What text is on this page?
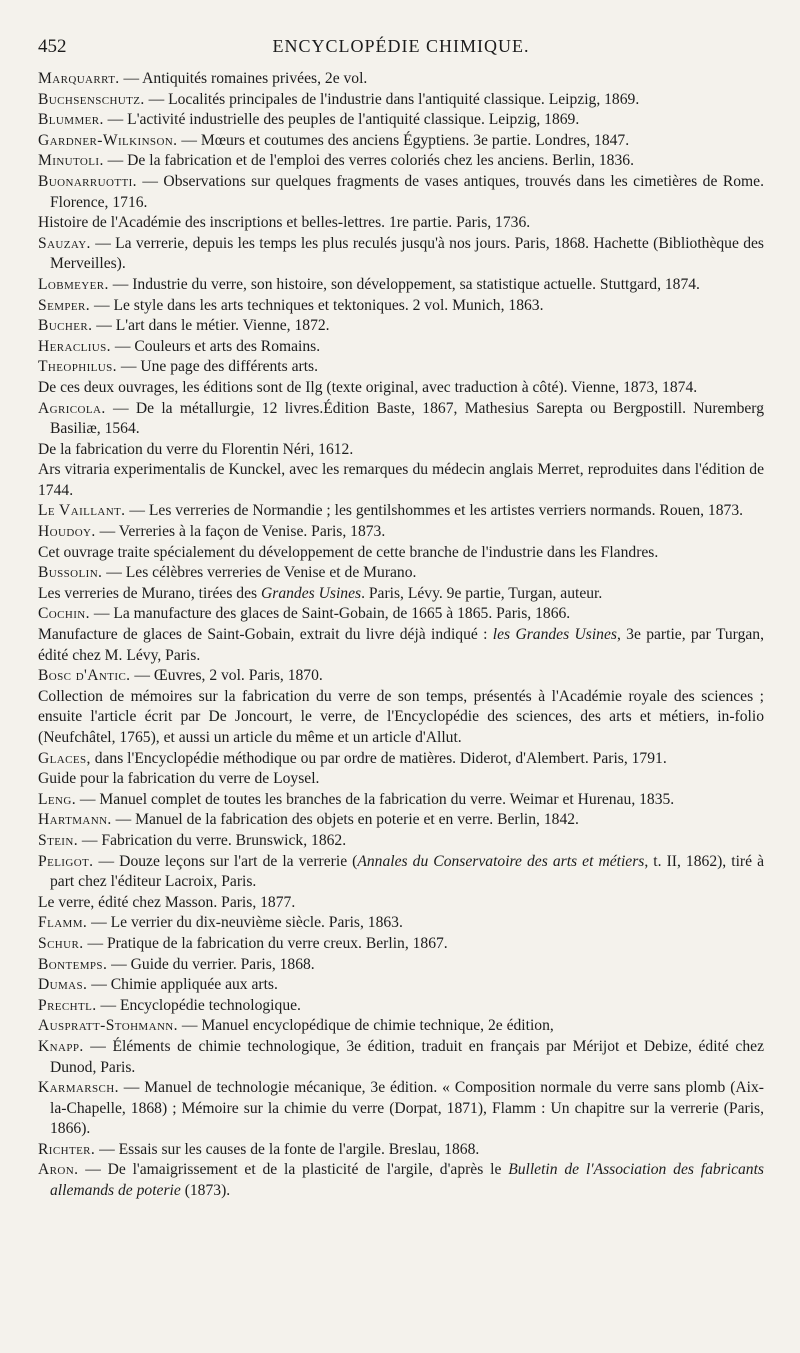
452	ENCYCLOPÉDIE CHIMIQUE.

Marquarrt. — Antiquités romaines privées, 2e vol.

Buchsenschutz. — Localités principales de l'industrie dans l'antiquité classique. Leipzig, 1869.

Blummer. — L'activité industrielle des peuples de l'antiquité classique. Leipzig, 1869.

Gardner-Wilkinson. — Mœurs et coutumes des anciens Égyptiens. 3e partie. Londres, 1847.

Minutoli. — De la fabrication et de l'emploi des verres coloriés chez les anciens. Berlin, 1836.

Buonarruotti. — Observations sur quelques fragments de vases antiques, trouvés dans les cimetières de Rome. Florence, 1716.

Histoire de l'Académie des inscriptions et belles-lettres. 1re partie. Paris, 1736.

Sauzay. — La verrerie, depuis les temps les plus reculés jusqu'à nos jours. Paris, 1868. Hachette (Bibliothèque des Merveilles).

Lobmeyer. — Industrie du verre, son histoire, son développement, sa statistique actuelle. Stuttgard, 1874.

Semper. — Le style dans les arts techniques et tektoniques. 2 vol. Munich, 1863.

Bucher. — L'art dans le métier. Vienne, 1872.

Heraclius. — Couleurs et arts des Romains.

Theophilus. — Une page des différents arts.

De ces deux ouvrages, les éditions sont de Ilg (texte original, avec traduction à côté). Vienne, 1873, 1874.

Agricola. — De la métallurgie, 12 livres.Édition Baste, 1867, Mathesius Sarepta ou Bergpostill. Nuremberg Basiliæ, 1564.

De la fabrication du verre du Florentin Néri, 1612.

Ars vitraria experimentalis de Kunckel, avec les remarques du médecin anglais Merret, reproduites dans l'édition de 1744.

Le Vaillant. — Les verreries de Normandie ; les gentilshommes et les artistes verriers normands. Rouen, 1873.

Houdoy. — Verreries à la façon de Venise. Paris, 1873.

Cet ouvrage traite spécialement du développement de cette branche de l'industrie dans les Flandres.

Bussolin. — Les célèbres verreries de Venise et de Murano.

Les verreries de Murano, tirées des Grandes Usines. Paris, Lévy. 9e partie, Turgan, auteur.

Cochin. — La manufacture des glaces de Saint-Gobain, de 1665 à 1865. Paris, 1866.

Manufacture de glaces de Saint-Gobain, extrait du livre déjà indiqué : les Grandes Usines, 3e partie, par Turgan, édité chez M. Lévy, Paris.

Bosc d'Antic. — Œuvres, 2 vol. Paris, 1870.

Collection de mémoires sur la fabrication du verre de son temps, présentés à l'Académie royale des sciences ; ensuite l'article écrit par De Joncourt, le verre, de l'Encyclopédie des sciences, des arts et métiers, in-folio (Neufchâtel, 1765), et aussi un article du même et un article d'Allut.

Glaces, dans l'Encyclopédie méthodique ou par ordre de matières. Diderot, d'Alembert. Paris, 1791.

Guide pour la fabrication du verre de Loysel.

Leng. — Manuel complet de toutes les branches de la fabrication du verre. Weimar et Hurenau, 1835.

Hartmann. — Manuel de la fabrication des objets en poterie et en verre. Berlin, 1842.

Stein. — Fabrication du verre. Brunswick, 1862.

Peligot. — Douze leçons sur l'art de la verrerie (Annales du Conservatoire des arts et métiers, t. II, 1862), tiré à part chez l'éditeur Lacroix, Paris.

Le verre, édité chez Masson. Paris, 1877.

Flamm. — Le verrier du dix-neuvième siècle. Paris, 1863.

Schur. — Pratique de la fabrication du verre creux. Berlin, 1867.

Bontemps. — Guide du verrier. Paris, 1868.

Dumas. — Chimie appliquée aux arts.

Prechtl. — Encyclopédie technologique.

Auspratt-Stohmann. — Manuel encyclopédique de chimie technique, 2e édition,

Knapp. — Éléments de chimie technologique, 3e édition, traduit en français par Mérijot et Debize, édité chez Dunod, Paris.

Karmarsch. — Manuel de technologie mécanique, 3e édition. « Composition normale du verre sans plomb (Aix-la-Chapelle, 1868) ; Mémoire sur la chimie du verre (Dorpat, 1871), Flamm : Un chapitre sur la verrerie (Paris, 1866).

Richter. — Essais sur les causes de la fonte de l'argile. Breslau, 1868.

Aron. — De l'amaigrissement et de la plasticité de l'argile, d'après le Bulletin de l'Association des fabricants allemands de poterie (1873).
